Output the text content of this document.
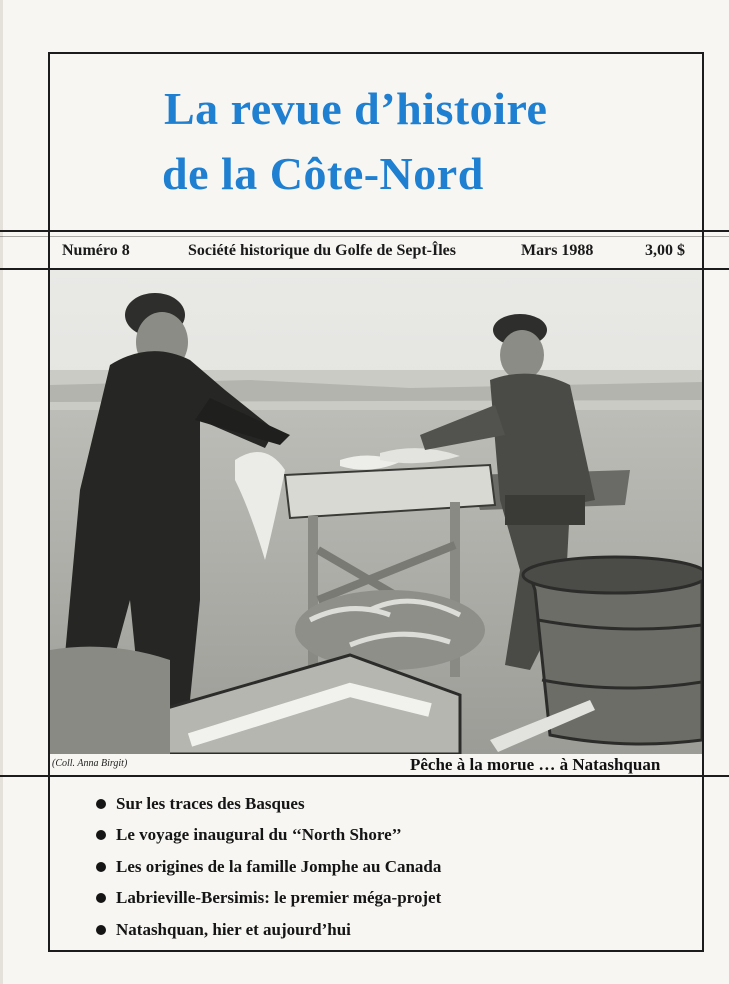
La revue d’histoire
de la Côte-Nord
Numéro 8	Société historique du Golfe de Sept-Îles	Mars 1988	3,00 $
(Coll. Anna Birgit)	Pêche à la morue … à Natashquan
Sur les traces des Basques
Le voyage inaugural du ‘‘North Shore’’
Les origines de la famille Jomphe au Canada
Labrieville-Bersimis: le premier méga-projet
Natashquan, hier et aujourd’hui
